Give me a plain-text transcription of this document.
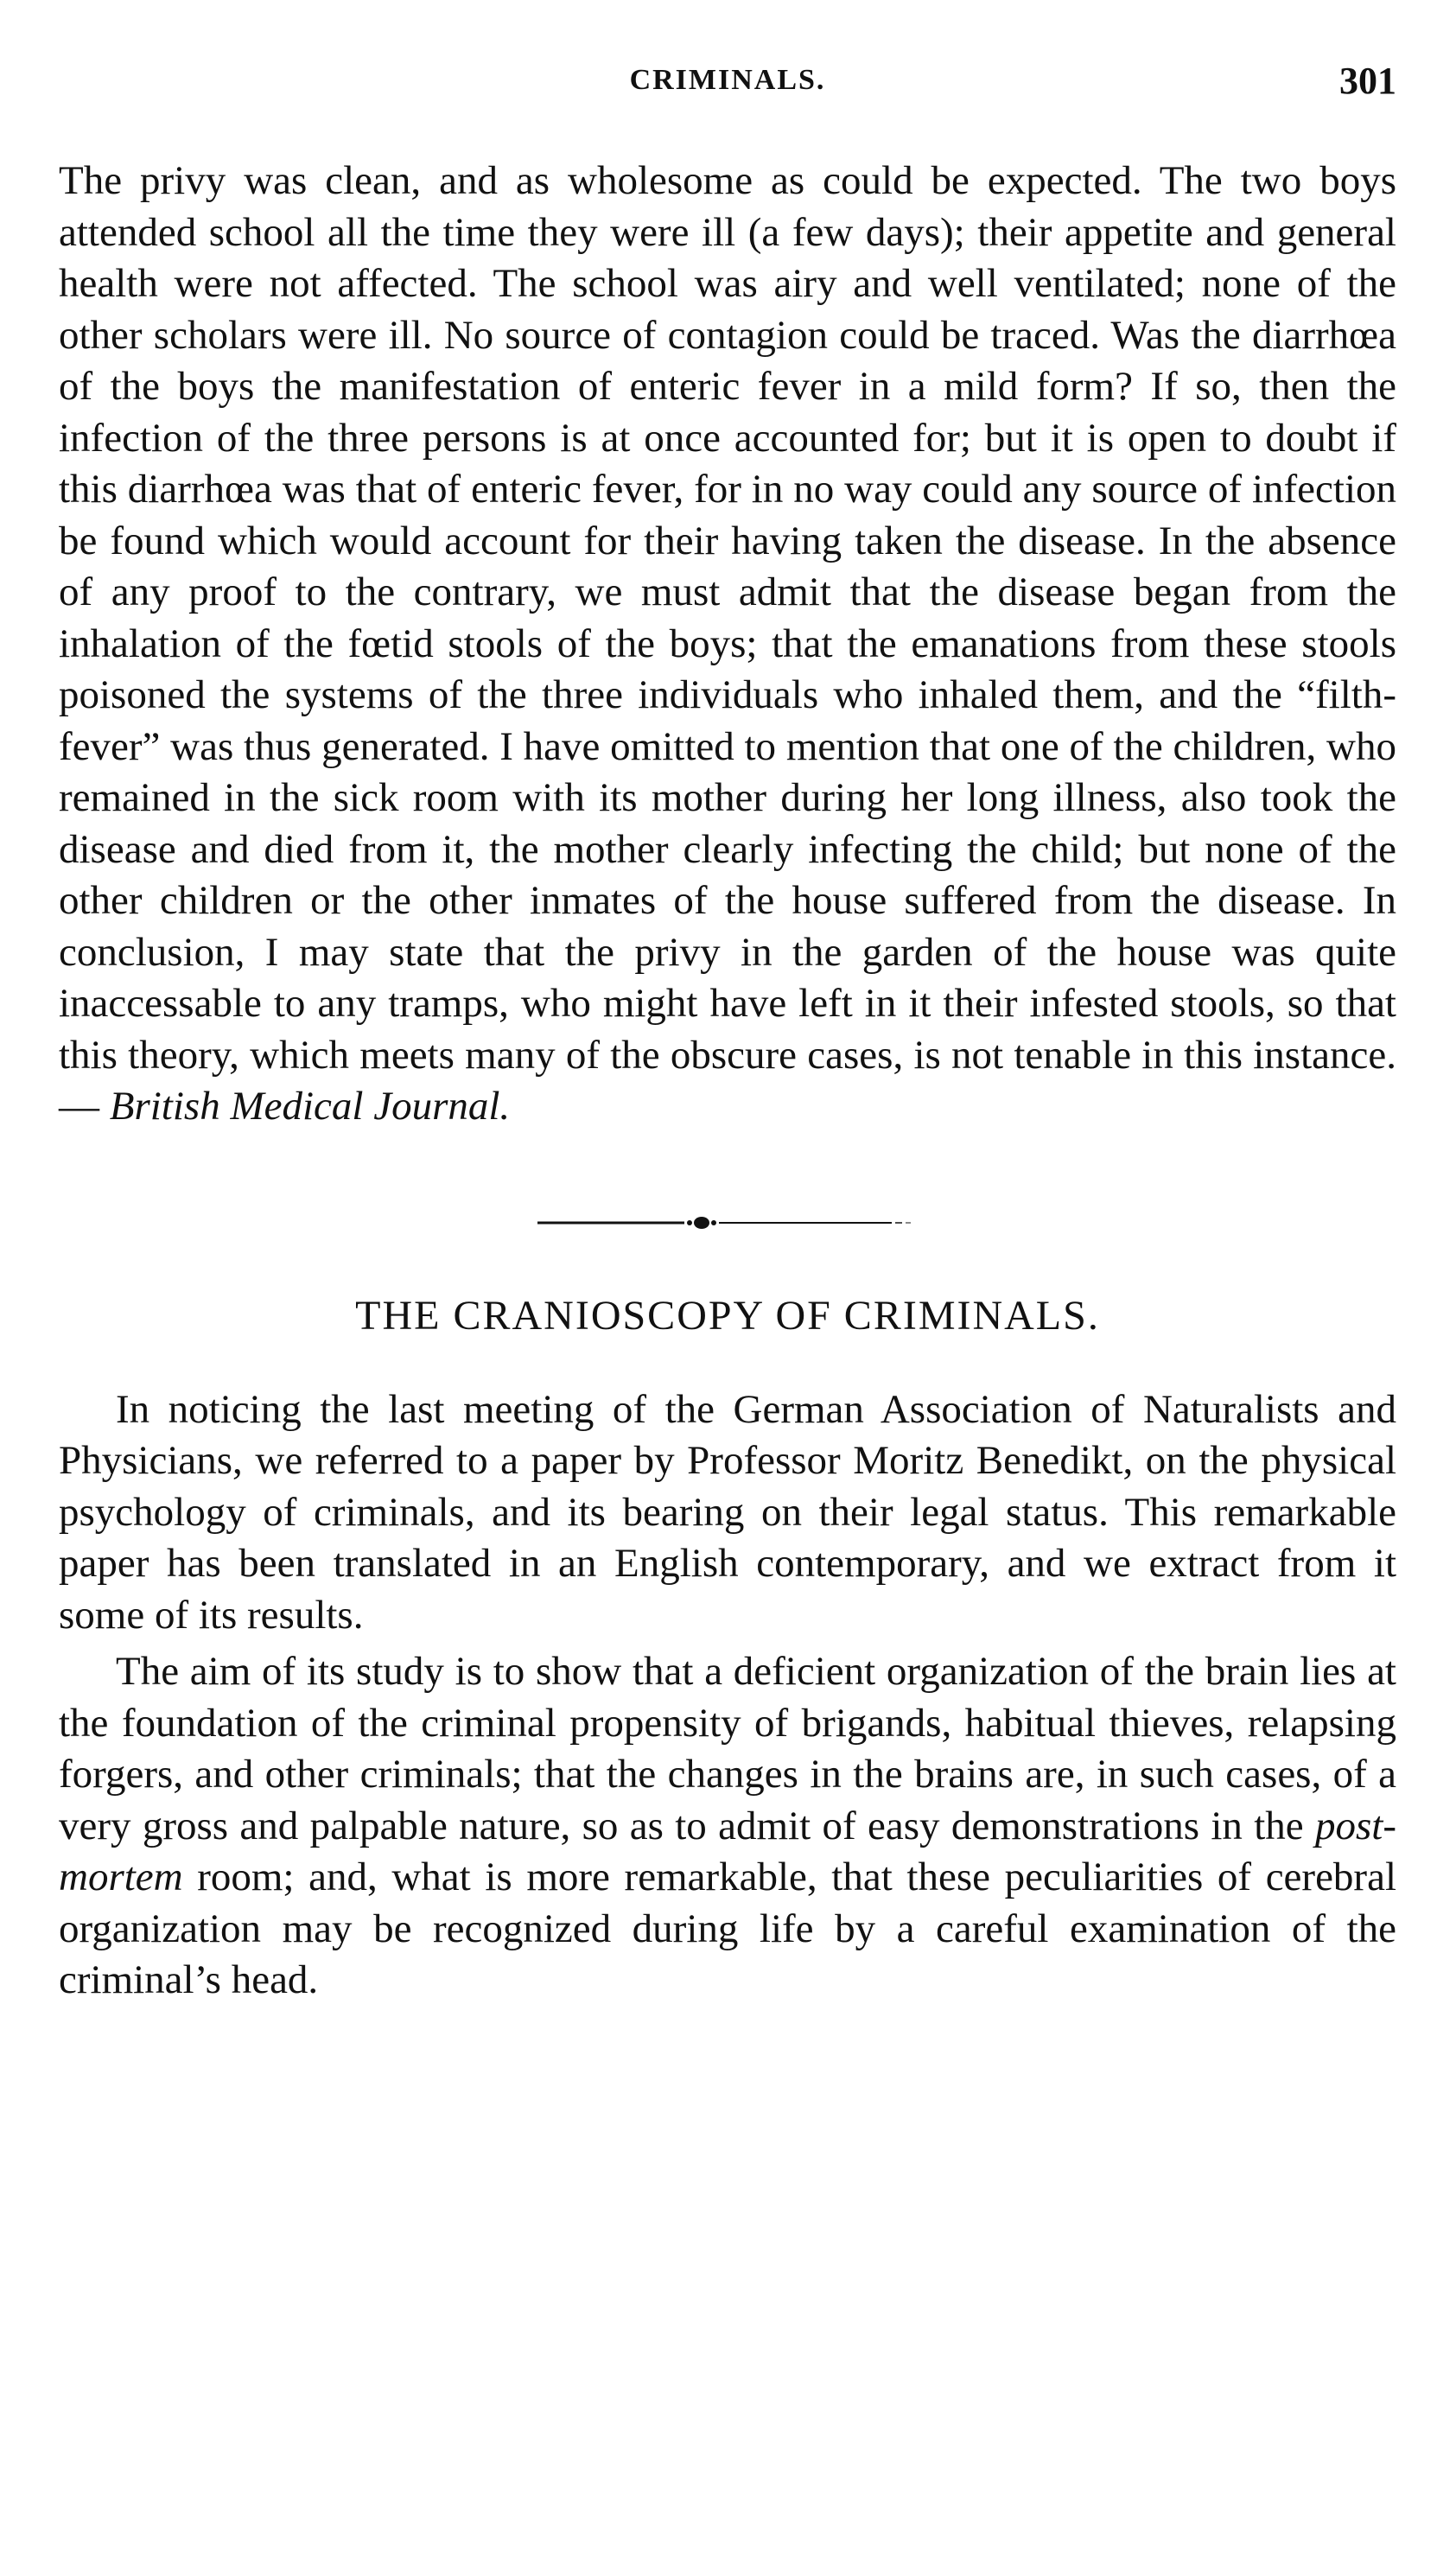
CRIMINALS.	301

The privy was clean, and as wholesome as could be expected. The two boys attended school all the time they were ill (a few days); their appetite and general health were not affected. The school was airy and well ventilated; none of the other scholars were ill. No source of contagion could be traced. Was the diarrhœa of the boys the manifestation of enteric fever in a mild form? If so, then the infection of the three persons is at once accounted for; but it is open to doubt if this diarrhœa was that of enteric fever, for in no way could any source of infection be found which would account for their having taken the disease. In the absence of any proof to the contrary, we must admit that the disease began from the inhalation of the fœtid stools of the boys; that the emanations from these stools poisoned the systems of the three individuals who inhaled them, and the “filth-fever” was thus generated. I have omitted to mention that one of the children, who remained in the sick room with its mother during her long illness, also took the disease and died from it, the mother clearly infecting the child; but none of the other children or the other inmates of the house suffered from the disease. In conclusion, I may state that the privy in the garden of the house was quite inaccessable to any tramps, who might have left in it their infested stools, so that this theory, which meets many of the obscure cases, is not tenable in this instance.— British Medical Journal.

THE CRANIOSCOPY OF CRIMINALS.

In noticing the last meeting of the German Association of Naturalists and Physicians, we referred to a paper by Professor Moritz Benedikt, on the physical psychology of criminals, and its bearing on their legal status. This remarkable paper has been translated in an English contemporary, and we extract from it some of its results.

The aim of its study is to show that a deficient organization of the brain lies at the foundation of the criminal propensity of brigands, habitual thieves, relapsing forgers, and other criminals; that the changes in the brains are, in such cases, of a very gross and palpable nature, so as to admit of easy demonstrations in the post-mortem room; and, what is more remarkable, that these peculiarities of cerebral organization may be recognized during life by a careful examination of the criminal’s head.
